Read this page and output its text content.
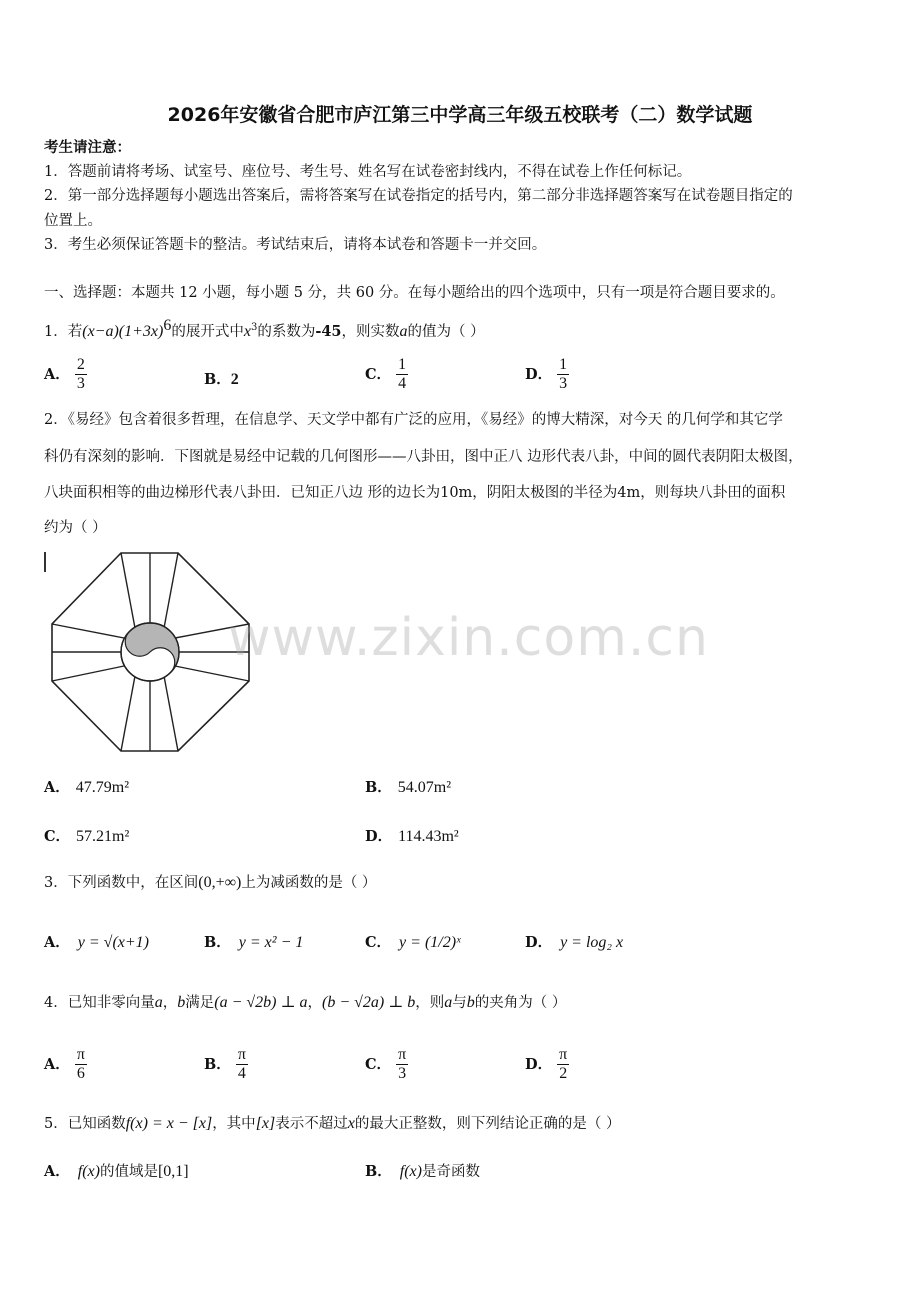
2026年安徽省合肥市庐江第三中学高三年级五校联考（二）数学试题
考生请注意：
1．答题前请将考场、试室号、座位号、考生号、姓名写在试卷密封线内，不得在试卷上作任何标记。
2．第一部分选择题每小题选出答案后，需将答案写在试卷指定的括号内，第二部分非选择题答案写在试卷题目指定的
位置上。
3．考生必须保证答题卡的整洁。考试结束后，请将本试卷和答题卡一并交回。
一、选择题：本题共 12 小题，每小题 5 分，共 60 分。在每小题给出的四个选项中，只有一项是符合题目要求的。
1．若$(x-a)(1+3x)^6$的展开式中$x^3$的系数为-45，则实数a的值为（ ）
A． $\frac{2}{3}$	B．2	C． $\frac{1}{4}$	D． $\frac{1}{3}$
2．《易经》包含着很多哲理，在信息学、天文学中都有广泛的应用，《易经》的博大精深，对今天 的几何学和其它学
科仍有深刻的影响．下图就是易经中记载的几何图形——八卦田，图中正八 边形代表八卦，中间的圆代表阴阳太极图，
八块面积相等的曲边梯形代表八卦田．已知正八边 形的边长为10m，阴阳太极图的半径为4m，则每块八卦田的面积
约为（ ）
www.zixin.com.cn
A． 47.79m²	B． 54.07m²
C． 57.21m²	D． 114.43m²
3．下列函数中，在区间(0,+∞)上为减函数的是（ ）
A． y = √(x+1)	B． y = x² − 1	C． y = (1/2)ˣ	D． y = log₂ x
4．已知非零向量a，b满足(a − √2b) ⊥ a，(b − √2a) ⊥ b，则a与b的夹角为（ ）
A． $\frac{\pi}{6}$	B． $\frac{\pi}{4}$	C． $\frac{\pi}{3}$	D． $\frac{\pi}{2}$
5．已知函数f(x) = x − [x]，其中[x]表示不超过x的最大正整数，则下列结论正确的是（ ）
A． f(x)的值域是[0,1]	B． f(x)是奇函数
